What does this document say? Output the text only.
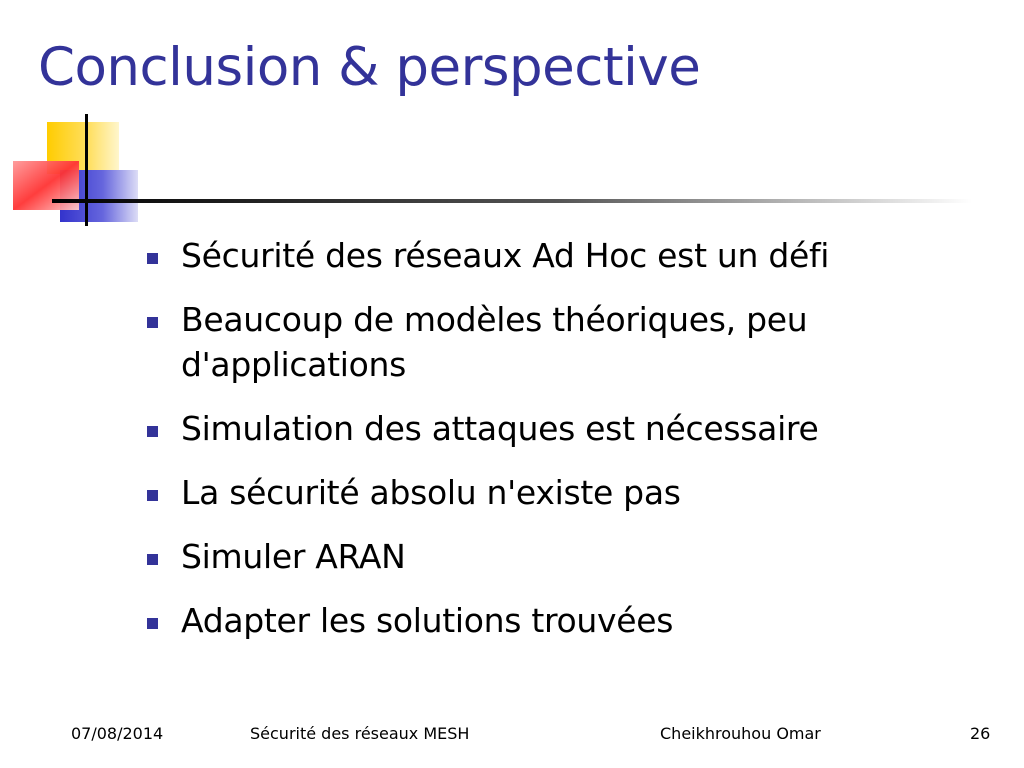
Conclusion & perspective
Sécurité des réseaux Ad Hoc est un défi
Beaucoup de modèles théoriques, peu d'applications
Simulation des attaques est nécessaire
La sécurité absolu n'existe pas
Simuler ARAN
Adapter les solutions trouvées
07/08/2014	Sécurité des réseaux MESH	Cheikhrouhou Omar	26
